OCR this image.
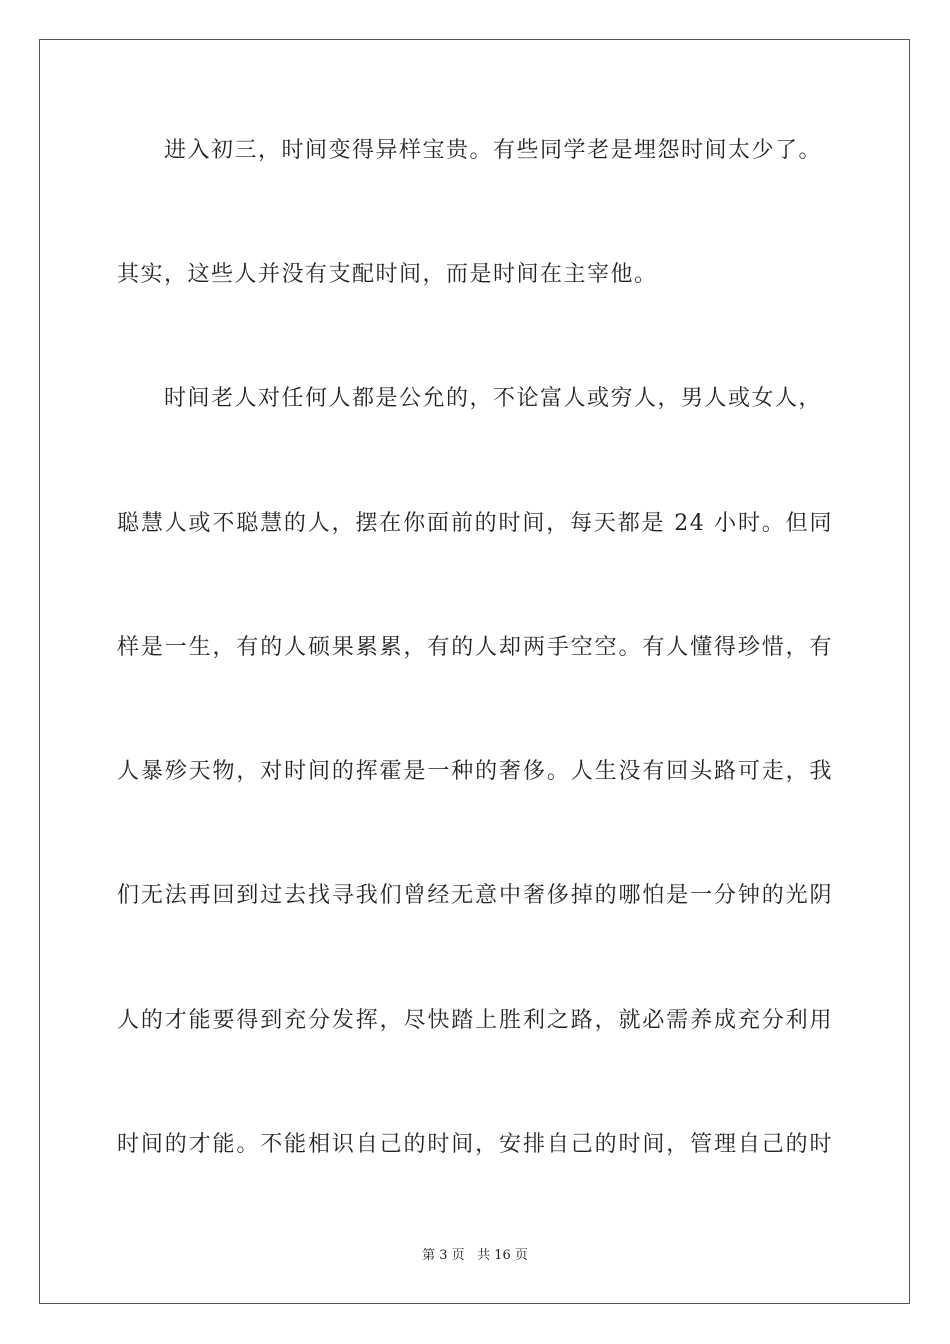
进入初三，时间变得异样宝贵。有些同学老是埋怨时间太少了。
其实，这些人并没有支配时间，而是时间在主宰他。
时间老人对任何人都是公允的，不论富人或穷人，男人或女人，
聪慧人或不聪慧的人，摆在你面前的时间，每天都是 24 小时。但同
样是一生，有的人硕果累累，有的人却两手空空。有人懂得珍惜，有
人暴殄天物，对时间的挥霍是一种的奢侈。人生没有回头路可走，我
们无法再回到过去找寻我们曾经无意中奢侈掉的哪怕是一分钟的光阴
人的才能要得到充分发挥，尽快踏上胜利之路，就必需养成充分利用
时间的才能。不能相识自己的时间，安排自己的时间，管理自己的时
第 3 页 共 16 页
